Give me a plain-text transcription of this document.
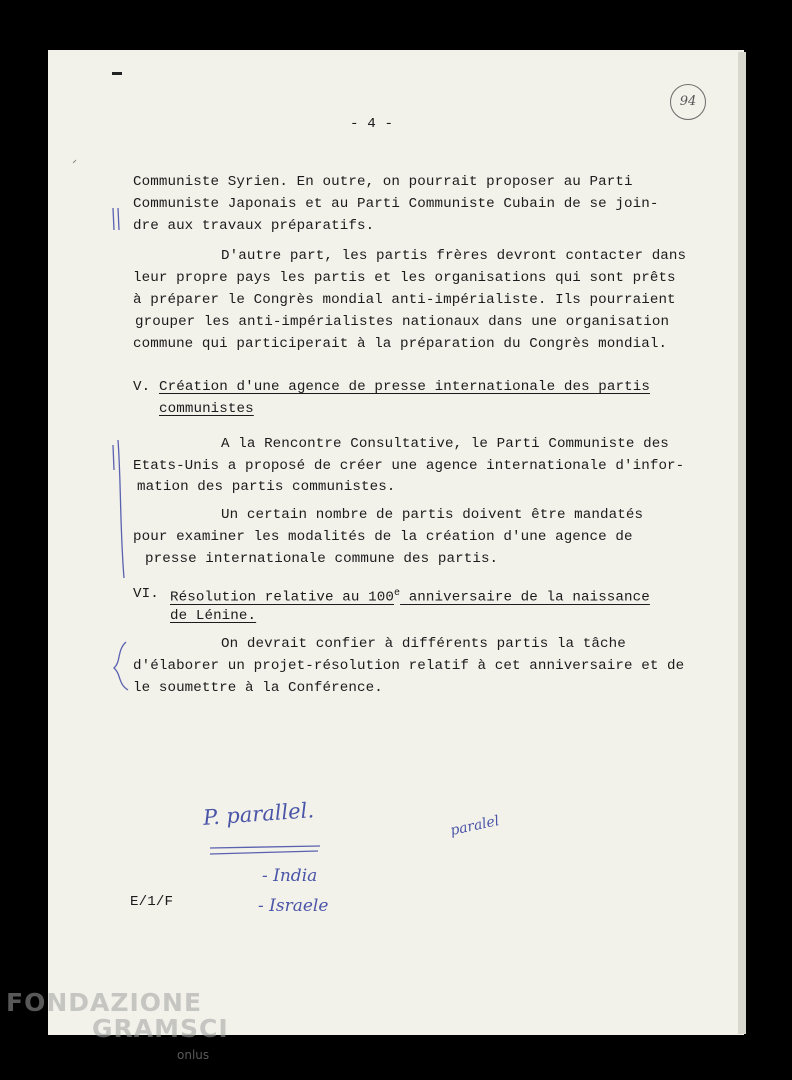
94
- 4 -
Communiste Syrien. En outre, on pourrait proposer au Parti
Communiste Japonais et au Parti Communiste Cubain de se join-
dre aux travaux préparatifs.
D'autre part, les partis frères devront contacter dans
leur propre pays les partis et les organisations qui sont prêts
à préparer le Congrès mondial anti-impérialiste. Ils pourraient
grouper les anti-impérialistes nationaux dans une organisation
commune qui participerait à la préparation du Congrès mondial.
V. Création d'une agence de presse internationale des partis
communistes
A la Rencontre Consultative, le Parti Communiste des
Etats-Unis a proposé de créer une agence internationale d'infor-
mation des partis communistes.
Un certain nombre de partis doivent être mandatés
pour examiner les modalités de la création d'une agence de
presse internationale commune des partis.
VI. Résolution relative au 100e anniversaire de la naissance
de Lénine.
On devrait confier à différents partis la tâche
d'élaborer un projet-résolution relatif à cet anniversaire et de
le soumettre à la Conférence.
E/1/F
P. parallel.	paralel
- India
- Israele
FONDAZIONE
GRAMSCI
onlus
